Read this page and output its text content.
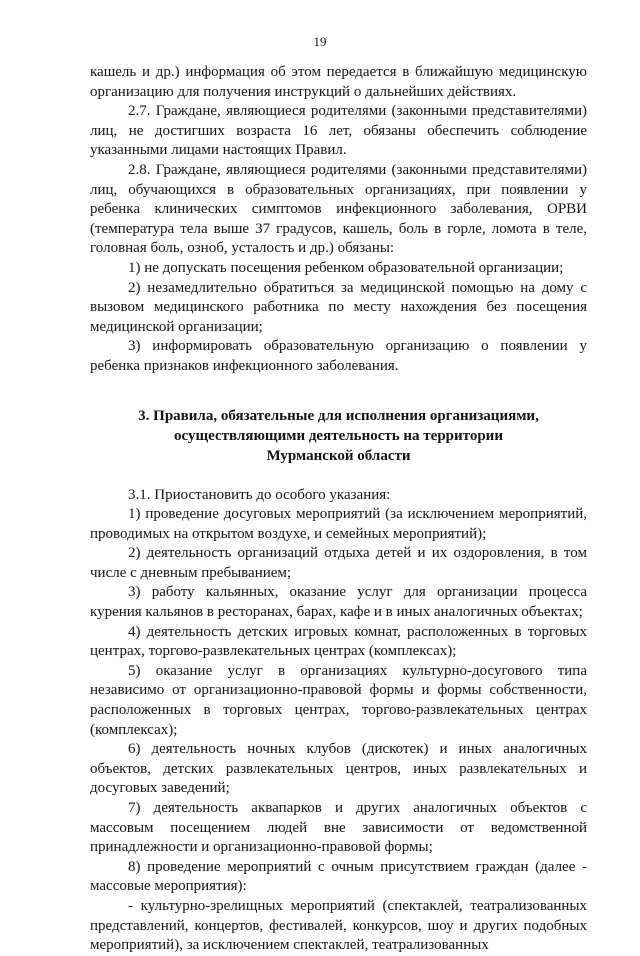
19

кашель и др.) информация об этом передается в ближайшую медицинскую организацию для получения инструкций о дальнейших действиях.

2.7. Граждане, являющиеся родителями (законными представителями) лиц, не достигших возраста 16 лет, обязаны обеспечить соблюдение указанными лицами настоящих Правил.

2.8. Граждане, являющиеся родителями (законными представителями) лиц, обучающихся в образовательных организациях, при появлении у ребенка клинических симптомов инфекционного заболевания, ОРВИ (температура тела выше 37 градусов, кашель, боль в горле, ломота в теле, головная боль, озноб, усталость и др.) обязаны:

1) не допускать посещения ребенком образовательной организации;

2) незамедлительно обратиться за медицинской помощью на дому с вызовом медицинского работника по месту нахождения без посещения медицинской организации;

3) информировать образовательную организацию о появлении у ребенка признаков инфекционного заболевания.

3. Правила, обязательные для исполнения организациями,
осуществляющими деятельность на территории
Мурманской области

3.1. Приостановить до особого указания:

1) проведение досуговых мероприятий (за исключением мероприятий, проводимых на открытом воздухе, и семейных мероприятий);

2) деятельность организаций отдыха детей и их оздоровления, в том числе с дневным пребыванием;

3) работу кальянных, оказание услуг для организации процесса курения кальянов в ресторанах, барах, кафе и в иных аналогичных объектах;

4) деятельность детских игровых комнат, расположенных в торговых центрах, торгово-развлекательных центрах (комплексах);

5) оказание услуг в организациях культурно-досугового типа независимо от организационно-правовой формы и формы собственности, расположенных в торговых центрах, торгово-развлекательных центрах (комплексах);

6) деятельность ночных клубов (дискотек) и иных аналогичных объектов, детских развлекательных центров, иных развлекательных и досуговых заведений;

7) деятельность аквапарков и других аналогичных объектов с массовым посещением людей вне зависимости от ведомственной принадлежности и организационно-правовой формы;

8) проведение мероприятий с очным присутствием граждан (далее - массовые мероприятия):

- культурно-зрелищных мероприятий (спектаклей, театрализованных представлений, концертов, фестивалей, конкурсов, шоу и других подобных мероприятий), за исключением спектаклей, театрализованных
